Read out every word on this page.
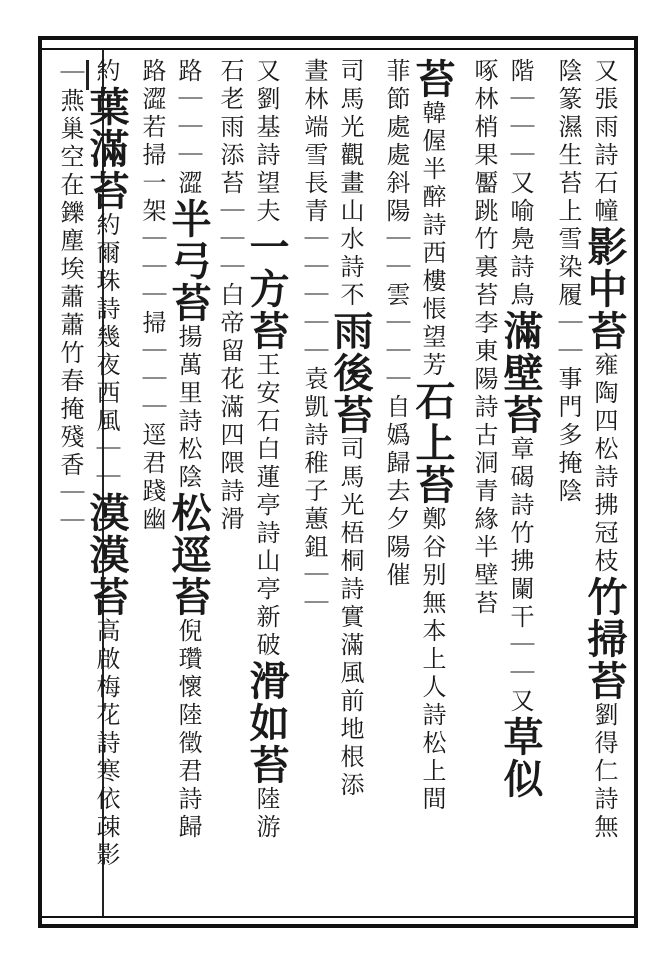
又張雨詩石幢影中苔雍陶四松詩拂冠枝竹掃苔劉得仁詩無
陰篆濕生苔上雪染履｜｜事門多掩陰
階｜｜｜又喻鳧詩鳥滿壁苔章碣詩竹拂闌干｜｜又草似
啄林梢果靨跳竹裏苔李東陽詩古洞青緣半壁苔
苔韓偓半醉詩西樓悵望芳石上苔鄭谷别無本上人詩松上間
菲節處處斜陽｜｜雲｜｜｜自嬀歸去夕陽催
司馬光觀畫山水詩不雨後苔司馬光梧桐詩實滿風前地根添
晝林端雪長青｜｜｜｜｜袁凱詩稚子蕙鉏｜｜
又劉基詩望夫一方苔王安石白蓮亭詩山亭新破滑如苔陸游
石老雨添苔｜｜｜白帝留花滿四隈詩滑
路｜｜｜澀半弓苔揚萬里詩松陰松逕苔倪瓚懷陸徵君詩歸
路澀若掃一架｜｜｜掃｜｜｜逕君踐幽
約葉滿苔約爾珠詩幾夜西風｜｜漠漠苔高啟梅花詩寒依疎影
｜燕巢空在鑠塵埃蕭蕭竹春掩殘香｜｜
